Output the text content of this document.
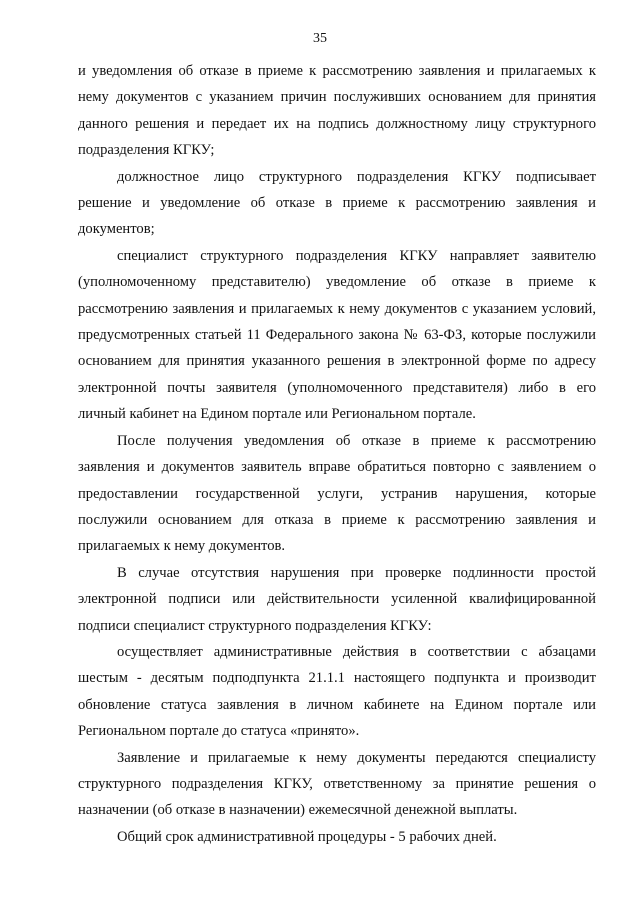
35

и уведомления об отказе в приеме к рассмотрению заявления и прилагаемых к нему документов с указанием причин послуживших основанием для принятия данного решения и передает их на подпись должностному лицу структурного подразделения КГКУ;

должностное лицо структурного подразделения КГКУ подписывает решение и уведомление об отказе в приеме к рассмотрению заявления и документов;

специалист структурного подразделения КГКУ направляет заявителю (уполномоченному представителю) уведомление об отказе в приеме к рассмотрению заявления и прилагаемых к нему документов с указанием условий, предусмотренных статьей 11 Федерального закона № 63-ФЗ, которые послужили основанием для принятия указанного решения в электронной форме по адресу электронной почты заявителя (уполномоченного представителя) либо в его личный кабинет на Едином портале или Региональном портале.

После получения уведомления об отказе в приеме к рассмотрению заявления и документов заявитель вправе обратиться повторно с заявлением о предоставлении государственной услуги, устранив нарушения, которые послужили основанием для отказа в приеме к рассмотрению заявления и прилагаемых к нему документов.

В случае отсутствия нарушения при проверке подлинности простой электронной подписи или действительности усиленной квалифицированной подписи специалист структурного подразделения КГКУ:

осуществляет административные действия в соответствии с абзацами шестым - десятым подподпункта 21.1.1 настоящего подпункта и производит обновление статуса заявления в личном кабинете на Едином портале или Региональном портале до статуса «принято».

Заявление и прилагаемые к нему документы передаются специалисту структурного подразделения КГКУ, ответственному за принятие решения о назначении (об отказе в назначении) ежемесячной денежной выплаты.

Общий срок административной процедуры - 5 рабочих дней.
